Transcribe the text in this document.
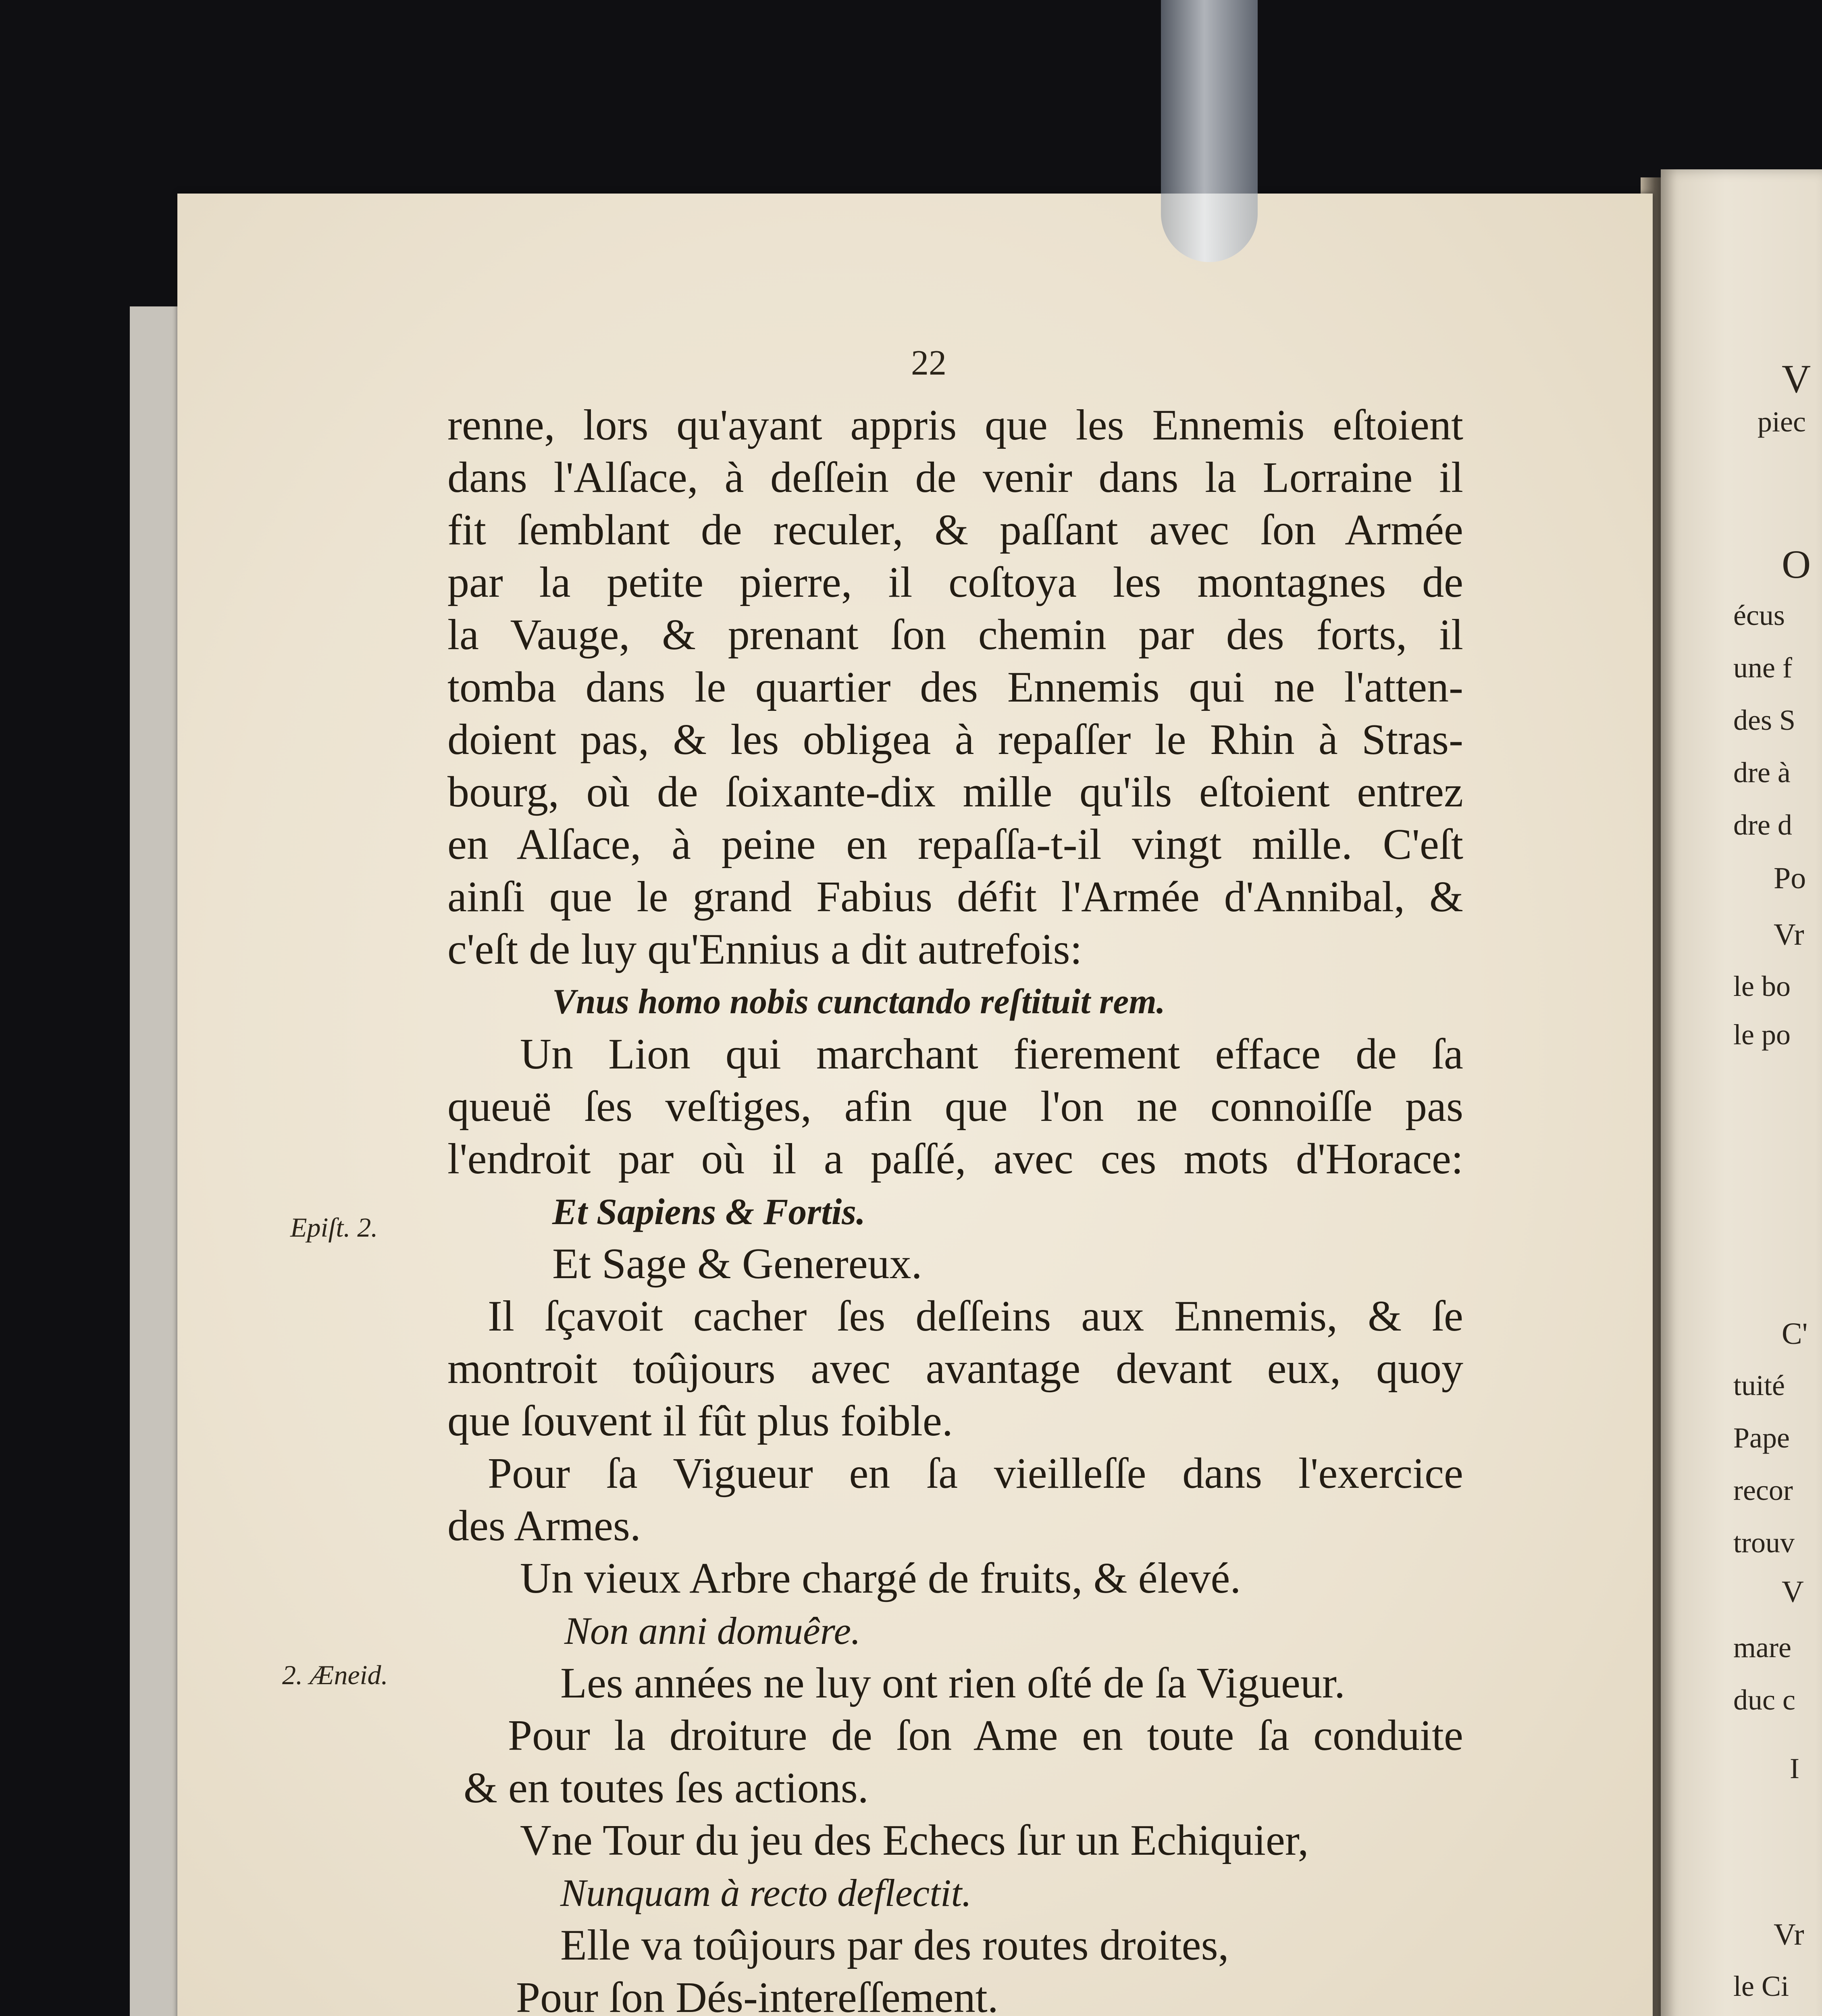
V
piec
O
écus
une f
des S
dre à
dre d
Po
Vr
le bo
le po
C'
tuité
Pape
recor
trouv
V
mare
duc c
I
Vr
le Ci
22
Epiſt. 2.
2. Æneid.
renne, lors qu'ayant appris que les Ennemis eſtoient
dans l'Alſace, à deſſein de venir dans la Lorraine il
fit ſemblant de reculer, & paſſant avec ſon Armée
par la petite pierre, il coſtoya les montagnes de
la Vauge, & prenant ſon chemin par des forts, il
tomba dans le quartier des Ennemis qui ne l'atten-
doient pas, & les obligea à repaſſer le Rhin à Stras-
bourg, où de ſoixante-dix mille qu'ils eſtoient entrez
en Alſace, à peine en repaſſa-t-il vingt mille. C'eſt
ainſi que le grand Fabius défit l'Armée d'Annibal, &
c'eſt de luy qu'Ennius a dit autrefois:
Vnus homo nobis cunctando reſtituit rem.
Un Lion qui marchant fierement efface de ſa
queuë ſes veſtiges, afin que l'on ne connoiſſe pas
l'endroit par où il a paſſé, avec ces mots d'Horace:
Et Sapiens & Fortis.
Et Sage & Genereux.
Il ſçavoit cacher ſes deſſeins aux Ennemis, & ſe
montroit toûjours avec avantage devant eux, quoy
que ſouvent il fût plus foible.
Pour ſa Vigueur en ſa vieilleſſe dans l'exercice
des Armes.
Un vieux Arbre chargé de fruits, & élevé.
Non anni domuêre.
Les années ne luy ont rien oſté de ſa Vigueur.
Pour la droiture de ſon Ame en toute ſa conduite
& en toutes ſes actions.
Vne Tour du jeu des Echecs ſur un Echiquier,
Nunquam à recto deflectit.
Elle va toûjours par des routes droites,
Pour ſon Dés-intereſſement.
